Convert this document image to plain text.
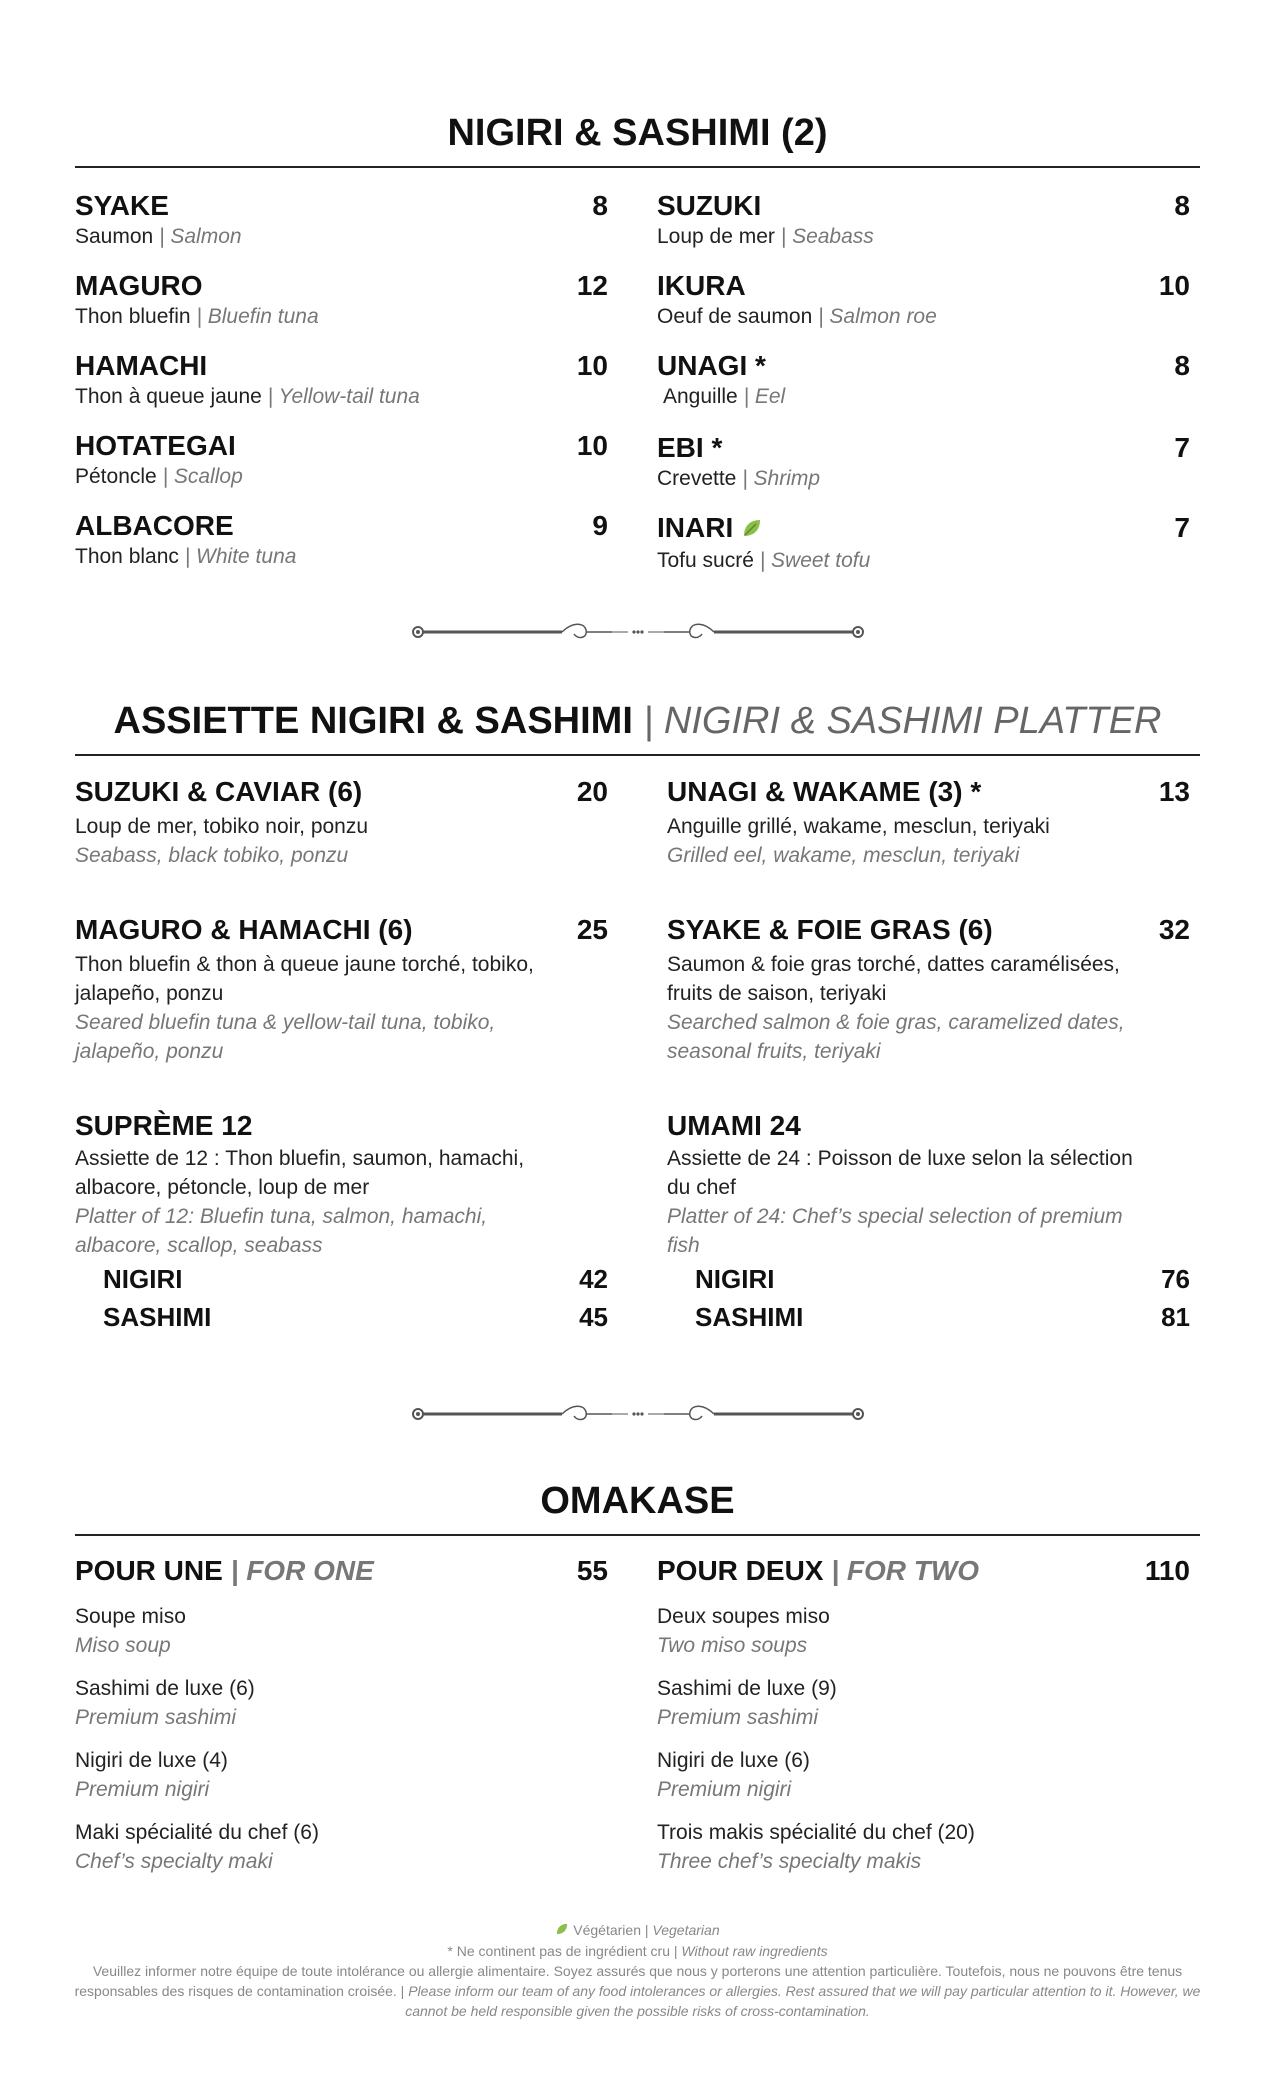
NIGIRI & SASHIMI (2)
SYAKE	8
Saumon | Salmon
MAGURO	12
Thon bluefin | Bluefin tuna
HAMACHI	10
Thon à queue jaune | Yellow-tail tuna
HOTATEGAI	10
Pétoncle | Scallop
ALBACORE	9
Thon blanc | White tuna
SUZUKI	8
Loup de mer | Seabass
IKURA	10
Oeuf de saumon | Salmon roe
UNAGI *	8
Anguille | Eel
EBI *	7
Crevette | Shrimp
INARI	7
Tofu sucré | Sweet tofu
ASSIETTE NIGIRI & SASHIMI | NIGIRI & SASHIMI PLATTER
SUZUKI & CAVIAR (6)	20
Loup de mer, tobiko noir, ponzu
Seabass, black tobiko, ponzu
MAGURO & HAMACHI (6)	25
Thon bluefin & thon à queue jaune torché, tobiko,
jalapeño, ponzu
Seared bluefin tuna & yellow-tail tuna, tobiko,
jalapeño, ponzu
SUPRÈME 12
Assiette de 12 : Thon bluefin, saumon, hamachi,
albacore, pétoncle, loup de mer
Platter of 12: Bluefin tuna, salmon, hamachi,
albacore, scallop, seabass
NIGIRI	42
SASHIMI	45
UNAGI & WAKAME (3) *	13
Anguille grillé, wakame, mesclun, teriyaki
Grilled eel, wakame, mesclun, teriyaki
SYAKE & FOIE GRAS (6)	32
Saumon & foie gras torché, dattes caramélisées,
fruits de saison, teriyaki
Searched salmon & foie gras, caramelized dates,
seasonal fruits, teriyaki
UMAMI 24
Assiette de 24 : Poisson de luxe selon la sélection
du chef
Platter of 24: Chef’s special selection of premium
fish
NIGIRI	76
SASHIMI	81
OMAKASE
POUR UNE | FOR ONE	55
Soupe miso
Miso soup
Sashimi de luxe (6)
Premium sashimi
Nigiri de luxe (4)
Premium nigiri
Maki spécialité du chef (6)
Chef’s specialty maki
POUR DEUX | FOR TWO	110
Deux soupes miso
Two miso soups
Sashimi de luxe (9)
Premium sashimi
Nigiri de luxe (6)
Premium nigiri
Trois makis spécialité du chef (20)
Three chef’s specialty makis
Végétarien | Vegetarian
* Ne continent pas de ingrédient cru | Without raw ingredients
Veuillez informer notre équipe de toute intolérance ou allergie alimentaire. Soyez assurés que nous y porterons une attention particulière. Toutefois, nous ne pouvons être tenus responsables des risques de contamination croisée. | Please inform our team of any food intolerances or allergies. Rest assured that we will pay particular attention to it. However, we cannot be held responsible given the possible risks of cross-contamination.
